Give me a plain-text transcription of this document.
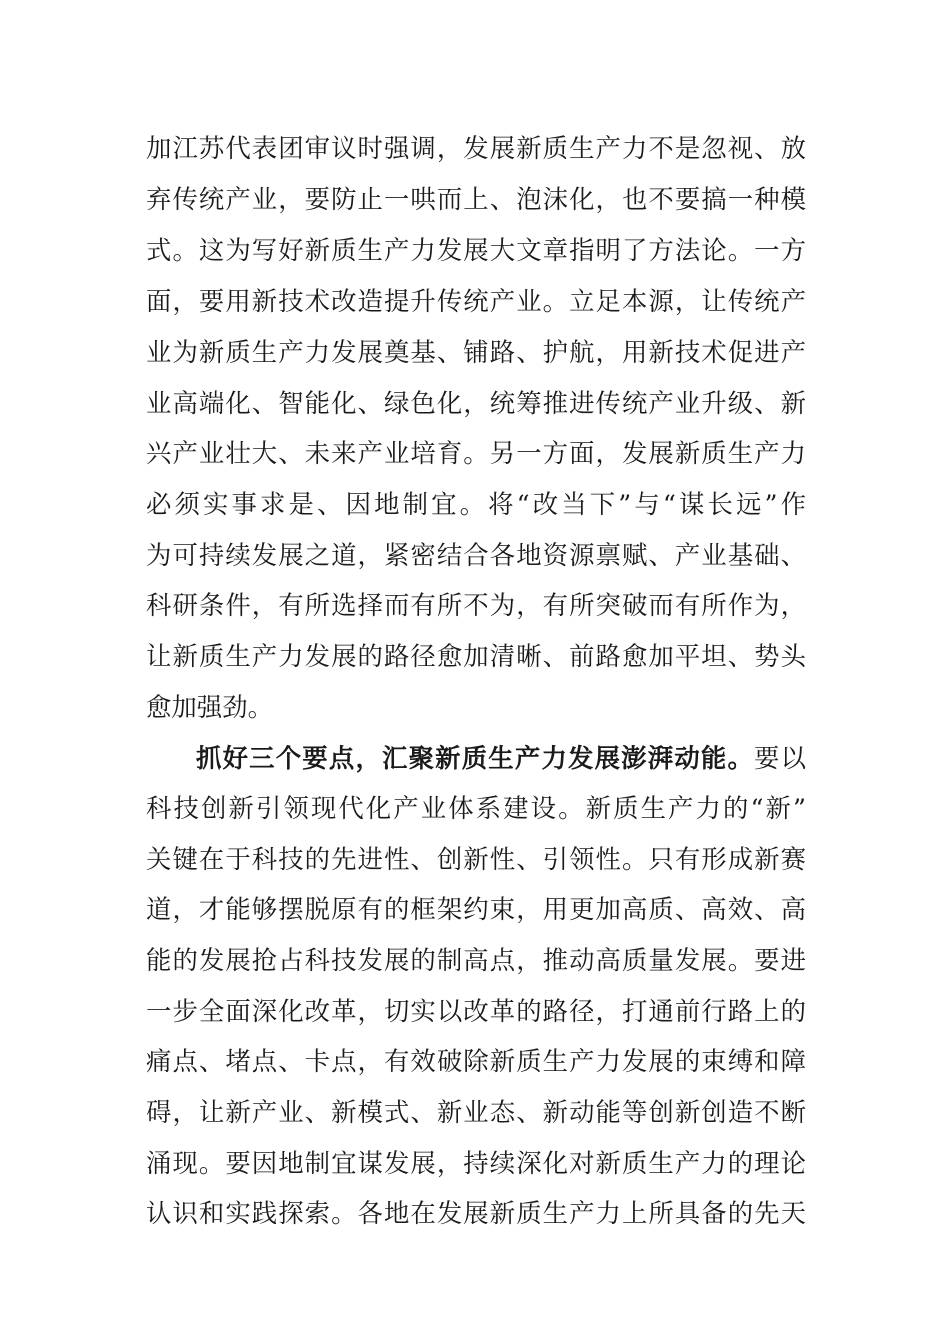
加江苏代表团审议时强调，发展新质生产力不是忽视、放
弃传统产业，要防止一哄而上、泡沫化，也不要搞一种模
式。这为写好新质生产力发展大文章指明了方法论。一方
面，要用新技术改造提升传统产业。立足本源，让传统产
业为新质生产力发展奠基、铺路、护航，用新技术促进产
业高端化、智能化、绿色化，统筹推进传统产业升级、新
兴产业壮大、未来产业培育。另一方面，发展新质生产力
必须实事求是、因地制宜。将“改当下”与“谋长远”作
为可持续发展之道，紧密结合各地资源禀赋、产业基础、
科研条件，有所选择而有所不为，有所突破而有所作为，
让新质生产力发展的路径愈加清晰、前路愈加平坦、势头
愈加强劲。
抓好三个要点，汇聚新质生产力发展澎湃动能。要以
科技创新引领现代化产业体系建设。新质生产力的“新”
关键在于科技的先进性、创新性、引领性。只有形成新赛
道，才能够摆脱原有的框架约束，用更加高质、高效、高
能的发展抢占科技发展的制高点，推动高质量发展。要进
一步全面深化改革，切实以改革的路径，打通前行路上的
痛点、堵点、卡点，有效破除新质生产力发展的束缚和障
碍，让新产业、新模式、新业态、新动能等创新创造不断
涌现。要因地制宜谋发展，持续深化对新质生产力的理论
认识和实践探索。各地在发展新质生产力上所具备的先天
